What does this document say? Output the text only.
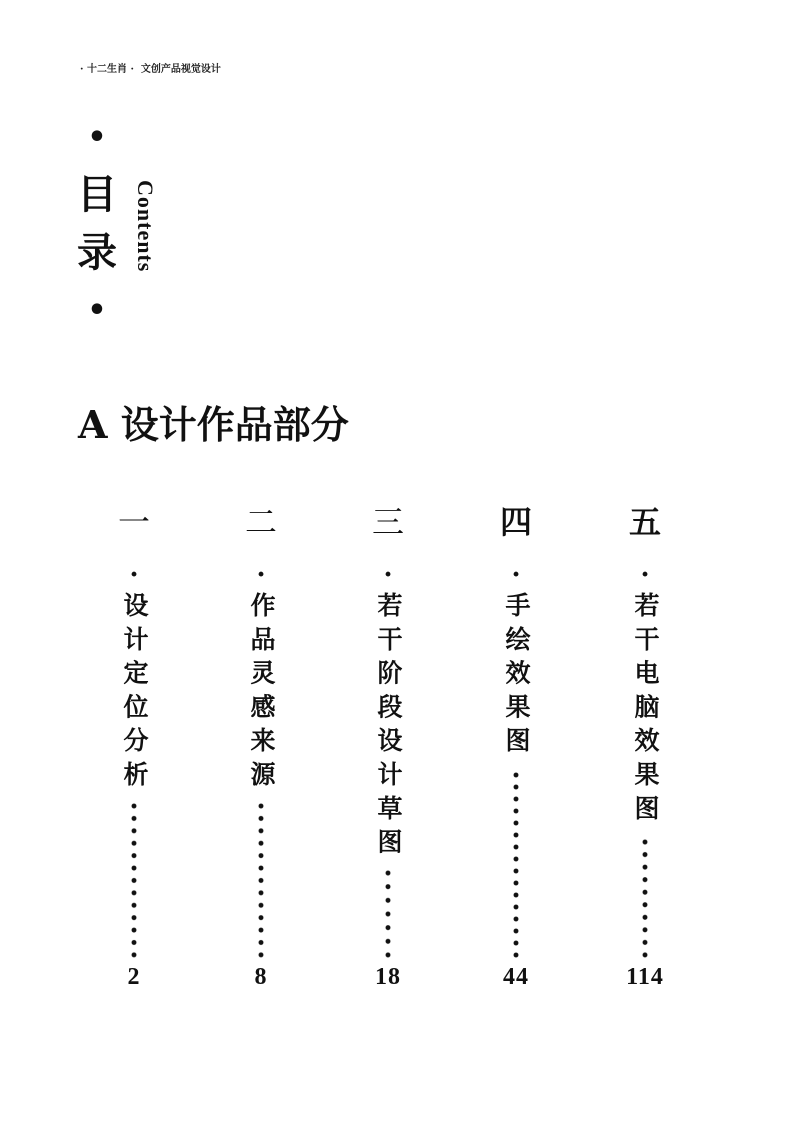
· 十二生肖 ·  文创产品视觉设计
•
目
录
•
Contents
A 设计作品部分
一
·
设计定位分析
2
二
·
作品灵感来源
8
三
·
若干阶段设计草图
18
四
·
手绘效果图
44
五
·
若干电脑效果图
114
